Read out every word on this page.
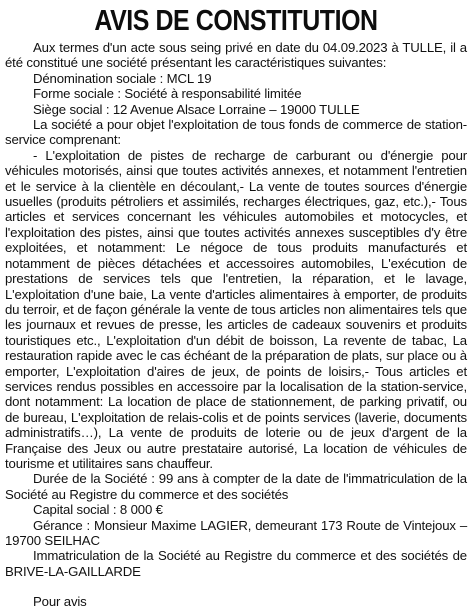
AVIS DE CONSTITUTION

Aux termes d'un acte sous seing privé en date du 04.09.2023 à TULLE, il a été constitué une société présentant les caractéristiques suivantes:

Dénomination sociale : MCL 19

Forme sociale : Société à responsabilité limitée

Siège social : 12 Avenue Alsace Lorraine – 19000 TULLE

La société a pour objet l'exploitation de tous fonds de commerce de station-service comprenant:

- L'exploitation de pistes de recharge de carburant ou d'énergie pour véhicules motorisés, ainsi que toutes activités annexes, et notamment l'entretien et le service à la clientèle en découlant,- La vente de toutes sources d'énergie usuelles (produits pétroliers et assimilés, recharges électriques, gaz, etc.),- Tous articles et services concernant les véhicules automobiles et motocycles, et l'exploitation des pistes, ainsi que toutes activités annexes susceptibles d'y être exploitées, et notamment: Le négoce de tous produits manufacturés et notamment de pièces détachées et accessoires automobiles, L'exécution de prestations de services tels que l'entretien, la réparation, et le lavage, L'exploitation d'une baie, La vente d'articles alimentaires à emporter, de produits du terroir, et de façon générale la vente de tous articles non alimentaires tels que les journaux et revues de presse, les articles de cadeaux souvenirs et produits touristiques etc., L'exploitation d'un débit de boisson, La revente de tabac, La restauration rapide avec le cas échéant de la préparation de plats, sur place ou à emporter, L'exploitation d'aires de jeux, de points de loisirs,- Tous articles et services rendus possibles en accessoire par la localisation de la station-service, dont notamment: La location de place de stationnement, de parking privatif, ou de bureau, L'exploitation de relais-colis et de points services (laverie, documents administratifs…), La vente de produits de loterie ou de jeux d'argent de la Française des Jeux ou autre prestataire autorisé, La location de véhicules de tourisme et utilitaires sans chauffeur.

Durée de la Société : 99 ans à compter de la date de l'immatriculation de la Société au Registre du commerce et des sociétés

Capital social : 8 000 €

Gérance : Monsieur Maxime LAGIER, demeurant 173 Route de Vintejoux – 19700 SEILHAC

Immatriculation de la Société au Registre du commerce et des sociétés de BRIVE-LA-GAILLARDE

Pour avis
